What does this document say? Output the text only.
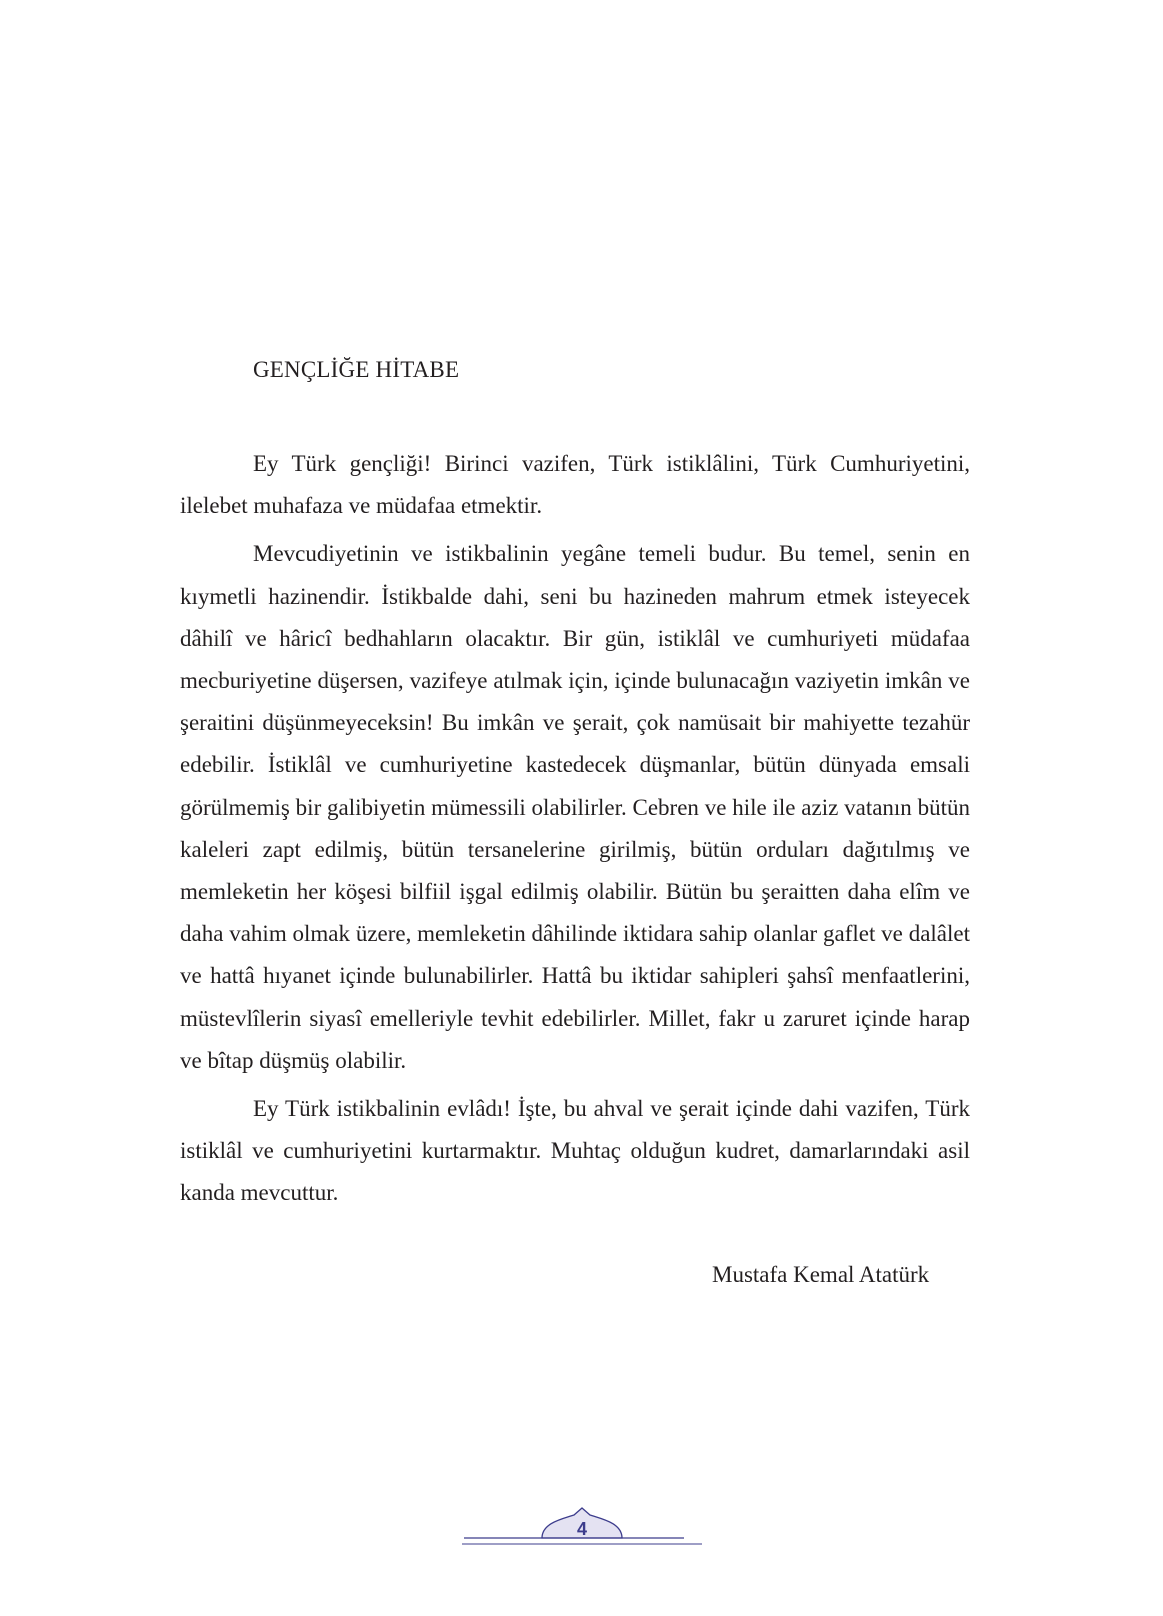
GENÇLİĞE HİTABE

Ey Türk gençliği! Birinci vazifen, Türk istiklâlini, Türk Cumhuriyetini, ilelebet muhafaza ve müdafaa etmektir.

Mevcudiyetinin ve istikbalinin yegâne temeli budur. Bu temel, senin en kıymetli hazinendir. İstikbalde dahi, seni bu hazineden mahrum etmek isteyecek dâhilî ve hâricî bedhahların olacaktır. Bir gün, istiklâl ve cumhuriyeti müdafaa mecburiyetine düşersen, vazifeye atılmak için, içinde bulunacağın vaziyetin imkân ve şeraitini düşünmeyeceksin! Bu imkân ve şerait, çok namüsait bir mahiyette tezahür edebilir. İstiklâl ve cumhuriyetine kastedecek düşmanlar, bütün dünyada emsali görülmemiş bir galibiyetin mümessili olabilirler. Cebren ve hile ile aziz vatanın bütün kaleleri zapt edilmiş, bütün tersanelerine girilmiş, bütün orduları dağıtılmış ve memleketin her köşesi bilfiil işgal edilmiş olabilir. Bütün bu şeraitten daha elîm ve daha vahim olmak üzere, memleketin dâhilinde iktidara sahip olanlar gaflet ve dalâlet ve hattâ hıyanet içinde bulunabilirler. Hattâ bu iktidar sahipleri şahsî menfaatlerini, müstevlîlerin siyasî emelleriyle tevhit edebilirler. Millet, fakr u zaruret içinde harap ve bîtap düşmüş olabilir.

Ey Türk istikbalinin evlâdı! İşte, bu ahval ve şerait içinde dahi vazifen, Türk istiklâl ve cumhuriyetini kurtarmaktır. Muhtaç olduğun kudret, damarlarındaki asil kanda mevcuttur.

Mustafa Kemal Atatürk
4
